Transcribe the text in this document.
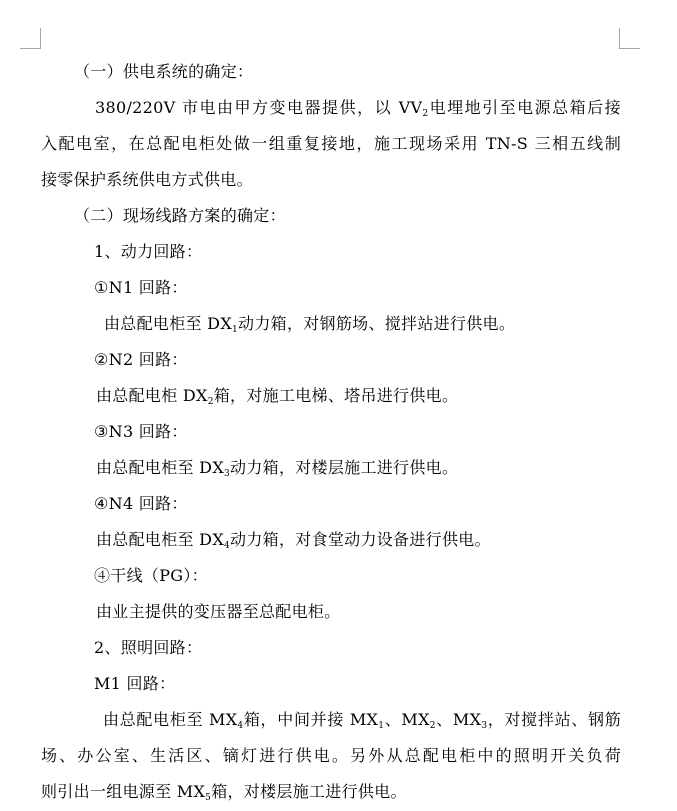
（一）供电系统的确定：
380/220V 市电由甲方变电器提供，以 $VV_2$电埋地引至电源总箱后接
入配电室，在总配电柜处做一组重复接地，施工现场采用 TN-S 三相五线制
接零保护系统供电方式供电。
（二）现场线路方案的确定：
1、动力回路：
①N1 回路：
由总配电柜至 $DX_1$动力箱，对钢筋场、搅拌站进行供电。
②N2 回路：
由总配电柜 $DX_2$箱，对施工电梯、塔吊进行供电。
③N3 回路：
由总配电柜至 $DX_3$动力箱，对楼层施工进行供电。
④N4 回路：
由总配电柜至 $DX_4$动力箱，对食堂动力设备进行供电。
④干线（PG）：
由业主提供的变压器至总配电柜。
2、照明回路：
M1 回路：
由总配电柜至 $MX_4$箱，中间并接 $MX_1$、$MX_2$、$MX_3$，对搅拌站、钢筋
场、办公室、生活区、镝灯进行供电。另外从总配电柜中的照明开关负荷
则引出一组电源至 $MX_5$箱，对楼层施工进行供电。
